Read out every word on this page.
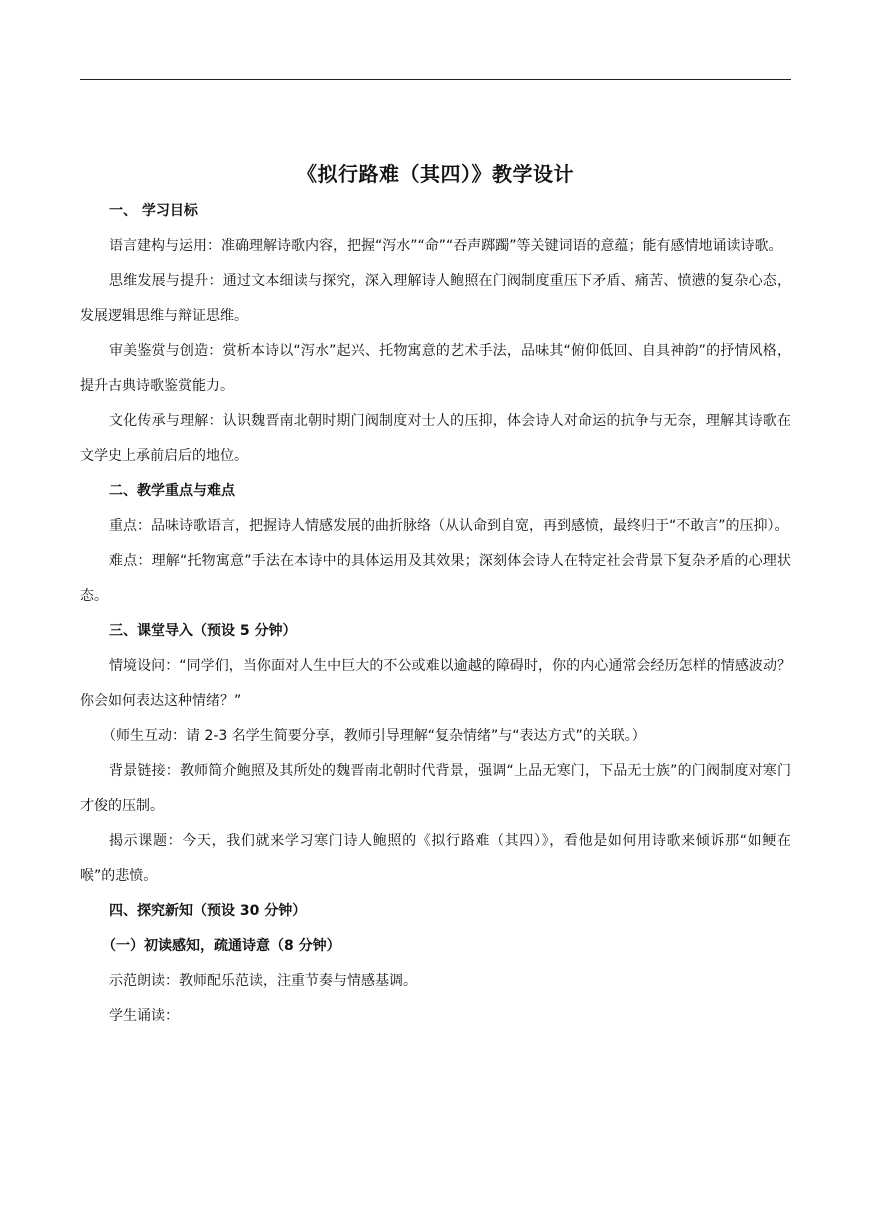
《拟行路难（其四）》教学设计

一、 学习目标

语言建构与运用：准确理解诗歌内容，把握“泻水”“命”“吞声踯躅”等关键词语的意蕴；能有感情地诵读诗歌。

思维发展与提升：通过文本细读与探究，深入理解诗人鲍照在门阀制度重压下矛盾、痛苦、愤懑的复杂心态，发展逻辑思维与辩证思维。

审美鉴赏与创造：赏析本诗以“泻水”起兴、托物寓意的艺术手法，品味其“俯仰低回、自具神韵”的抒情风格，提升古典诗歌鉴赏能力。

文化传承与理解：认识魏晋南北朝时期门阀制度对士人的压抑，体会诗人对命运的抗争与无奈，理解其诗歌在文学史上承前启后的地位。

二、教学重点与难点

重点：品味诗歌语言，把握诗人情感发展的曲折脉络（从认命到自宽，再到感愤，最终归于“不敢言”的压抑）。

难点：理解“托物寓意”手法在本诗中的具体运用及其效果；深刻体会诗人在特定社会背景下复杂矛盾的心理状态。

三、课堂导入（预设 5 分钟）

情境设问：“同学们，当你面对人生中巨大的不公或难以逾越的障碍时，你的内心通常会经历怎样的情感波动？你会如何表达这种情绪？”

（师生互动：请 2-3 名学生简要分享，教师引导理解“复杂情绪”与“表达方式”的关联。）

背景链接：教师简介鲍照及其所处的魏晋南北朝时代背景，强调“上品无寒门，下品无士族”的门阀制度对寒门才俊的压制。

揭示课题：今天，我们就来学习寒门诗人鲍照的《拟行路难（其四）》，看他是如何用诗歌来倾诉那“如鲠在喉”的悲愤。

四、探究新知（预设 30 分钟）

（一）初读感知，疏通诗意（8 分钟）

示范朗读：教师配乐范读，注重节奏与情感基调。

学生诵读：
